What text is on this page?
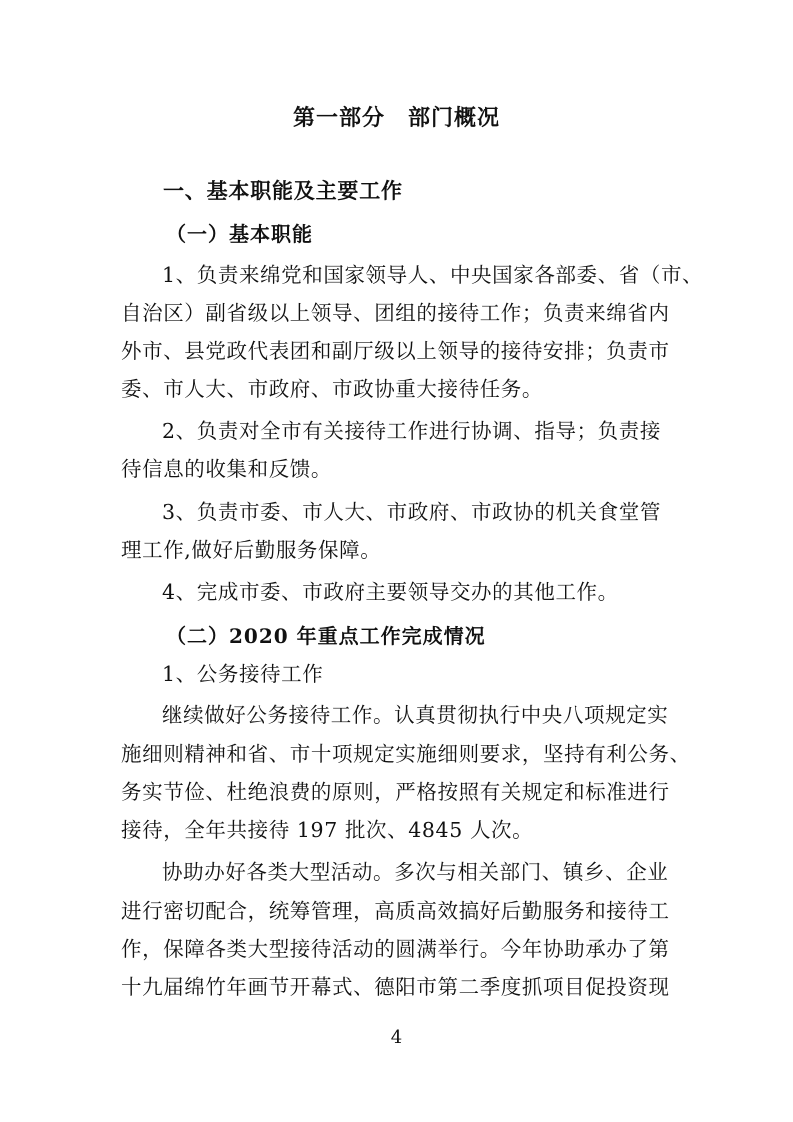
第一部分　部门概况
一、基本职能及主要工作
（一）基本职能
1、负责来绵党和国家领导人、中央国家各部委、省（市、
自治区）副省级以上领导、团组的接待工作；负责来绵省内
外市、县党政代表团和副厅级以上领导的接待安排；负责市
委、市人大、市政府、市政协重大接待任务。
2、负责对全市有关接待工作进行协调、指导；负责接
待信息的收集和反馈。
3、负责市委、市人大、市政府、市政协的机关食堂管
理工作,做好后勤服务保障。
4、完成市委、市政府主要领导交办的其他工作。
（二）2020 年重点工作完成情况
1、公务接待工作
继续做好公务接待工作。认真贯彻执行中央八项规定实
施细则精神和省、市十项规定实施细则要求，坚持有利公务、
务实节俭、杜绝浪费的原则，严格按照有关规定和标准进行
接待，全年共接待 197 批次、4845 人次。
协助办好各类大型活动。多次与相关部门、镇乡、企业
进行密切配合，统筹管理，高质高效搞好后勤服务和接待工
作，保障各类大型接待活动的圆满举行。今年协助承办了第
十九届绵竹年画节开幕式、德阳市第二季度抓项目促投资现
4
